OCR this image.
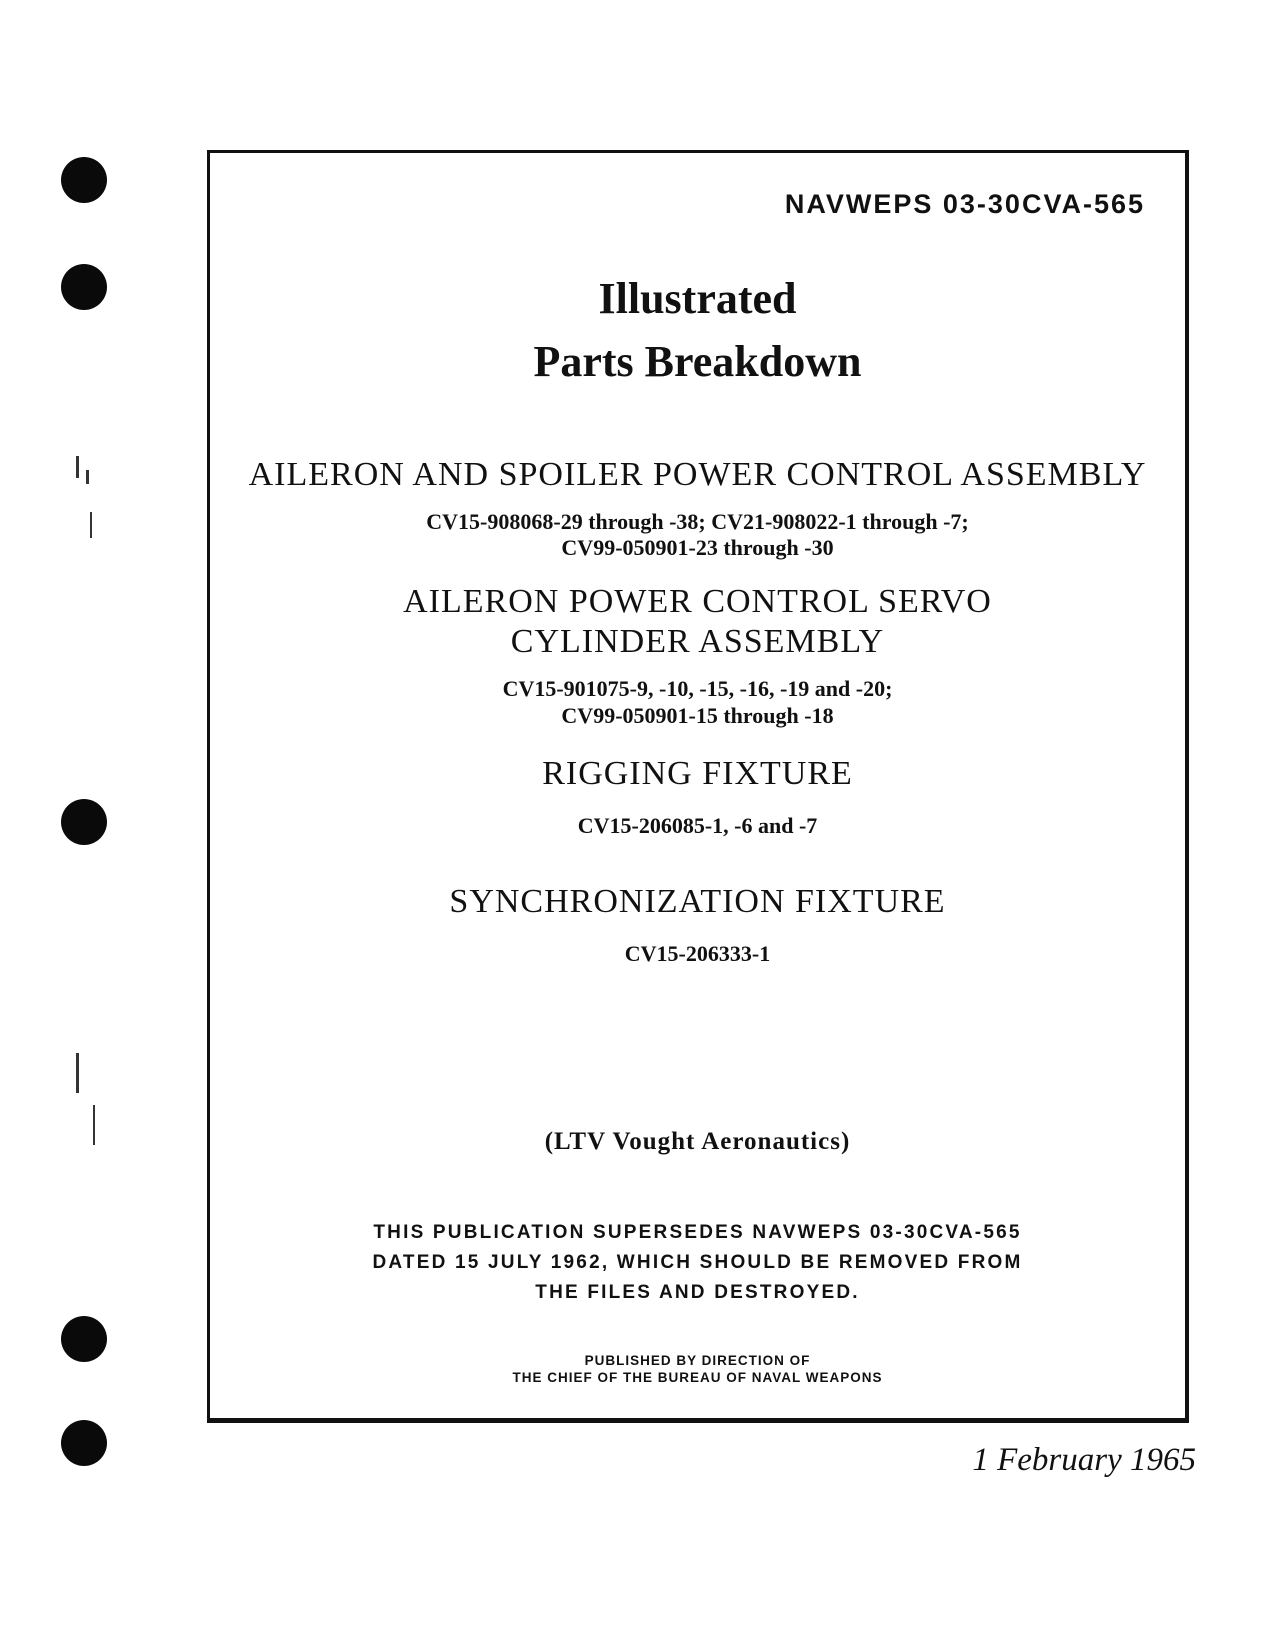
NAVWEPS 03-30CVA-565
Illustrated
Parts Breakdown
AILERON AND SPOILER POWER CONTROL ASSEMBLY
CV15-908068-29 through -38; CV21-908022-1 through -7;
CV99-050901-23 through -30
AILERON POWER CONTROL SERVO
CYLINDER ASSEMBLY
CV15-901075-9, -10, -15, -16, -19 and -20;
CV99-050901-15 through -18
RIGGING FIXTURE
CV15-206085-1, -6 and -7
SYNCHRONIZATION FIXTURE
CV15-206333-1
(LTV Vought Aeronautics)
THIS PUBLICATION SUPERSEDES NAVWEPS 03-30CVA-565
DATED 15 JULY 1962, WHICH SHOULD BE REMOVED FROM
THE FILES AND DESTROYED.
PUBLISHED BY DIRECTION OF
THE CHIEF OF THE BUREAU OF NAVAL WEAPONS
1 February 1965
